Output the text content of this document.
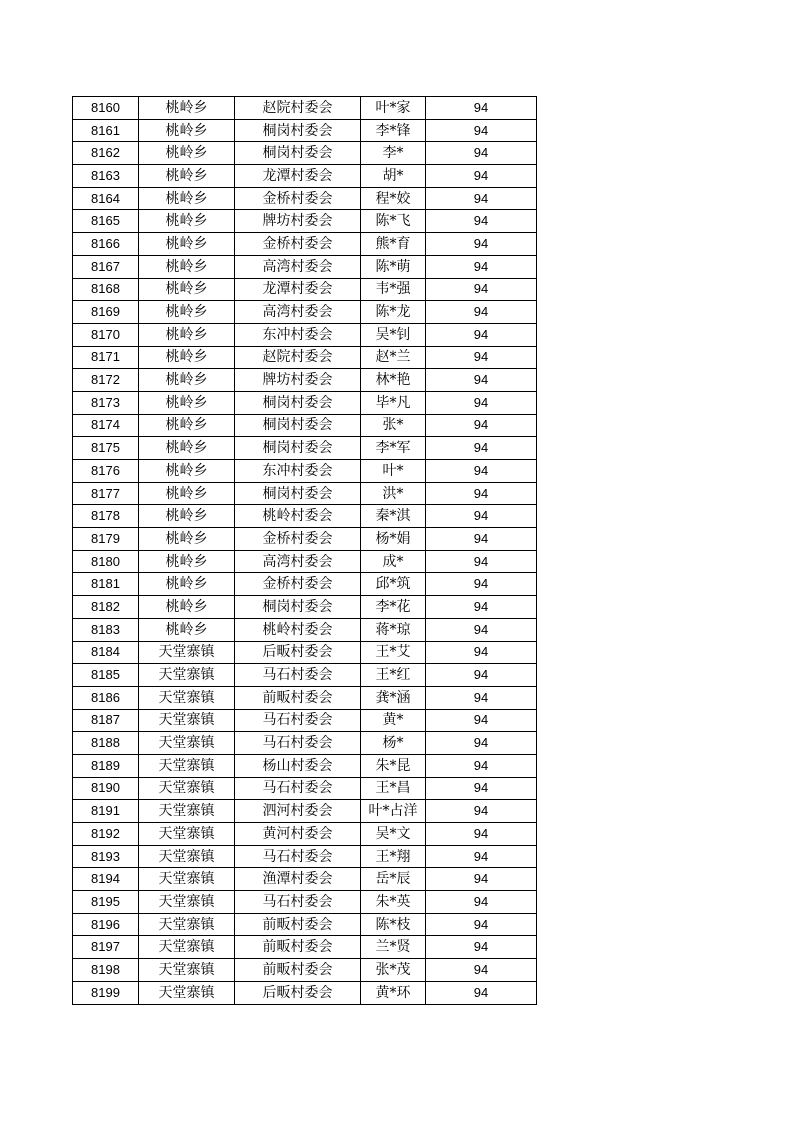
8160	桃岭乡	赵院村委会	叶*家	94
8161	桃岭乡	桐岗村委会	李*锋	94
8162	桃岭乡	桐岗村委会	李*	94
8163	桃岭乡	龙潭村委会	胡*	94
8164	桃岭乡	金桥村委会	程*姣	94
8165	桃岭乡	牌坊村委会	陈*飞	94
8166	桃岭乡	金桥村委会	熊*育	94
8167	桃岭乡	高湾村委会	陈*萌	94
8168	桃岭乡	龙潭村委会	韦*强	94
8169	桃岭乡	高湾村委会	陈*龙	94
8170	桃岭乡	东冲村委会	吴*钊	94
8171	桃岭乡	赵院村委会	赵*兰	94
8172	桃岭乡	牌坊村委会	林*艳	94
8173	桃岭乡	桐岗村委会	毕*凡	94
8174	桃岭乡	桐岗村委会	张*	94
8175	桃岭乡	桐岗村委会	李*军	94
8176	桃岭乡	东冲村委会	叶*	94
8177	桃岭乡	桐岗村委会	洪*	94
8178	桃岭乡	桃岭村委会	秦*淇	94
8179	桃岭乡	金桥村委会	杨*娟	94
8180	桃岭乡	高湾村委会	成*	94
8181	桃岭乡	金桥村委会	邱*筑	94
8182	桃岭乡	桐岗村委会	李*花	94
8183	桃岭乡	桃岭村委会	蒋*琼	94
8184	天堂寨镇	后畈村委会	王*艾	94
8185	天堂寨镇	马石村委会	王*红	94
8186	天堂寨镇	前畈村委会	龚*涵	94
8187	天堂寨镇	马石村委会	黄*	94
8188	天堂寨镇	马石村委会	杨*	94
8189	天堂寨镇	杨山村委会	朱*昆	94
8190	天堂寨镇	马石村委会	王*昌	94
8191	天堂寨镇	泗河村委会	叶*占洋	94
8192	天堂寨镇	黄河村委会	吴*文	94
8193	天堂寨镇	马石村委会	王*翔	94
8194	天堂寨镇	渔潭村委会	岳*辰	94
8195	天堂寨镇	马石村委会	朱*英	94
8196	天堂寨镇	前畈村委会	陈*枝	94
8197	天堂寨镇	前畈村委会	兰*贤	94
8198	天堂寨镇	前畈村委会	张*茂	94
8199	天堂寨镇	后畈村委会	黄*环	94
